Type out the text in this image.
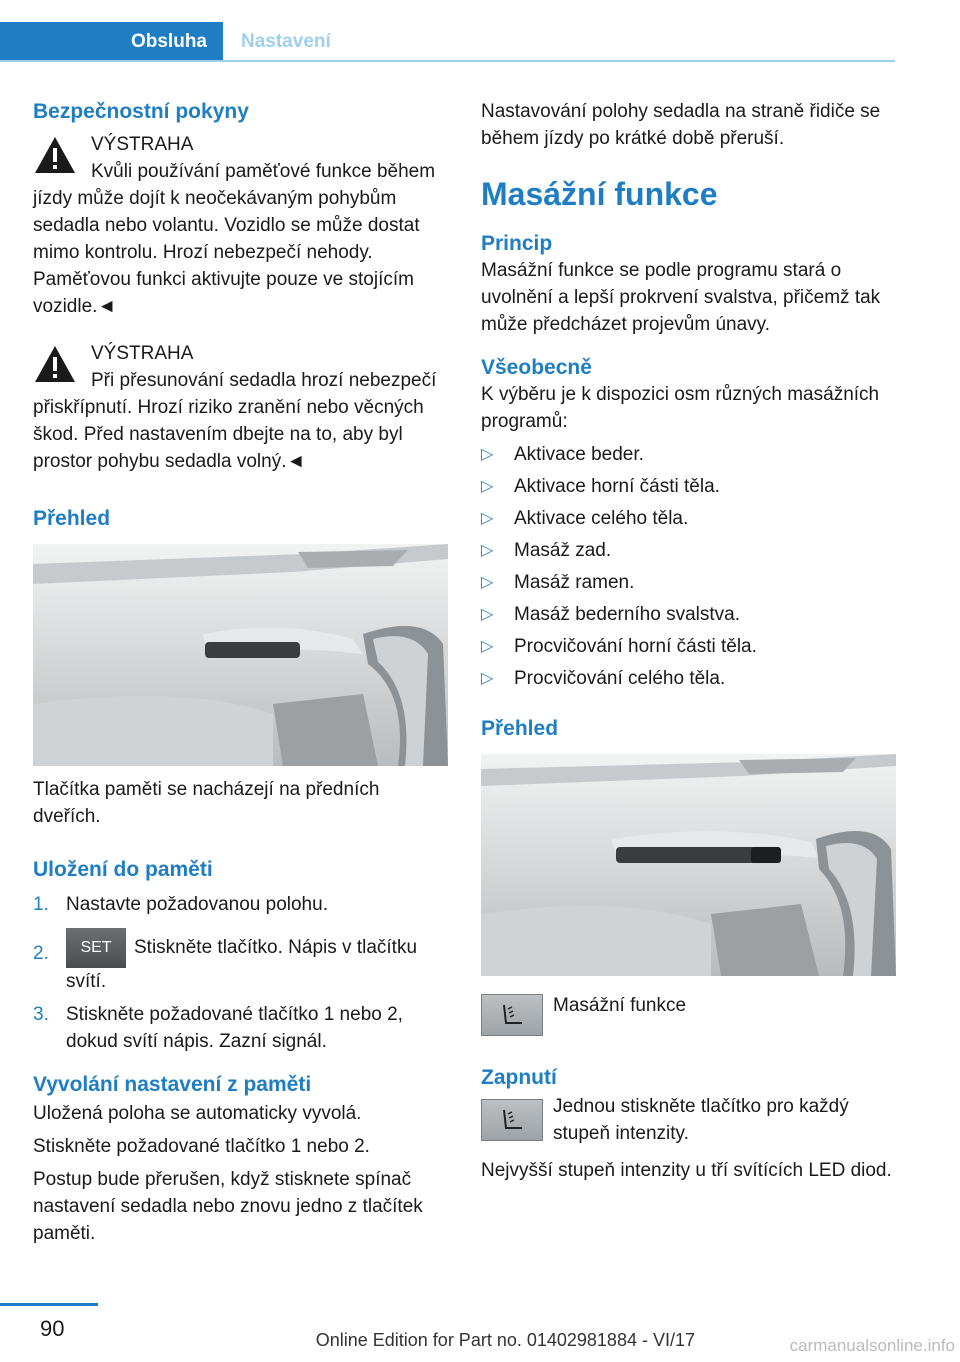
Obsluha	Nastavení
Bezpečnostní pokyny

VÝSTRAHA

Kvůli používání paměťové funkce během jízdy může dojít k neočekávaným pohybům sedadla nebo volantu. Vozidlo se může dostat mimo kontrolu. Hrozí nebezpečí nehody. Paměťovou funkci aktivujte pouze ve stojícím vozidle.◄

VÝSTRAHA

Při přesunování sedadla hrozí nebezpečí přiskřípnutí. Hrozí riziko zranění nebo věcných škod. Před nastavením dbejte na to, aby byl prostor pohybu sedadla volný.◄

Přehled

Tlačítka paměti se nacházejí na předních dveřích.

Uložení do paměti
1. Nastavte požadovanou polohu.
2. SET Stiskněte tlačítko. Nápis v tlačítku svítí.
3. Stiskněte požadované tlačítko 1 nebo 2, dokud svítí nápis. Zazní signál.
Vyvolání nastavení z paměti

Uložená poloha se automaticky vyvolá.

Stiskněte požadované tlačítko 1 nebo 2.

Postup bude přerušen, když stisknete spínač nastavení sedadla nebo znovu jedno z tlačítek paměti.

Nastavování polohy sedadla na straně řidiče se během jízdy po krátké době přeruší.

Masážní funkce
Princip

Masážní funkce se podle programu stará o uvolnění a lepší prokrvení svalstva, přičemž tak může předcházet projevům únavy.

Všeobecně

K výběru je k dispozici osm různých masážních programů:

▷ Aktivace beder.
▷ Aktivace horní části těla.
▷ Aktivace celého těla.
▷ Masáž zad.
▷ Masáž ramen.
▷ Masáž bederního svalstva.
▷ Procvičování horní části těla.
▷ Procvičování celého těla.
Přehled

Masážní funkce

Zapnutí

Jednou stiskněte tlačítko pro každý stupeň intenzity.

Nejvyšší stupeň intenzity u tří svítících LED diod.

90	Online Edition for Part no. 01402981884 - VI/17	carmanualsonline.info
